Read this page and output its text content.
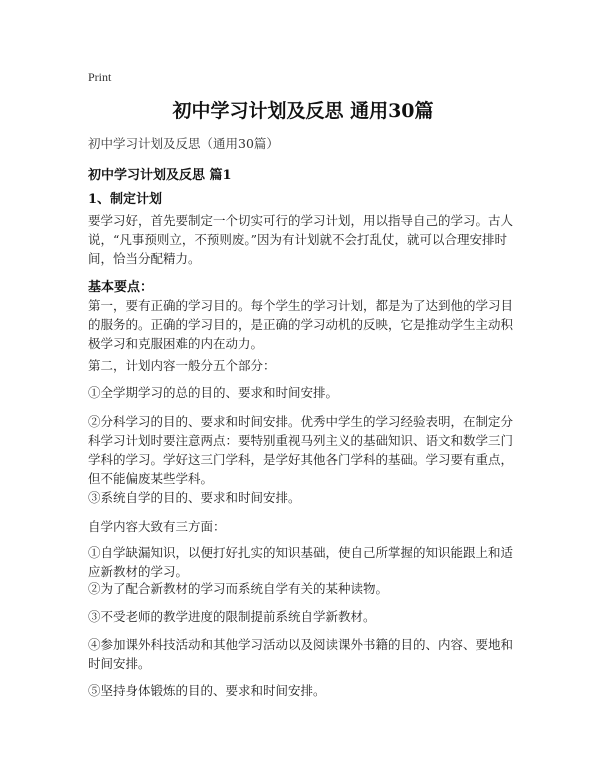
Print
初中学习计划及反思 通用30篇
初中学习计划及反思（通用30篇）
初中学习计划及反思 篇1
1、制定计划
要学习好，首先要制定一个切实可行的学习计划，用以指导自己的学习。古人说，“凡事预则立，不预则废。”因为有计划就不会打乱仗，就可以合理安排时间，恰当分配精力。
基本要点：
第一，要有正确的学习目的。每个学生的学习计划，都是为了达到他的学习目的服务的。正确的学习目的，是正确的学习动机的反映，它是推动学生主动积极学习和克服困难的内在动力。
第二，计划内容一般分五个部分：
①全学期学习的总的目的、要求和时间安排。
②分科学习的目的、要求和时间安排。优秀中学生的学习经验表明，在制定分科学习计划时要注意两点：要特别重视马列主义的基础知识、语文和数学三门学科的学习。学好这三门学科，是学好其他各门学科的基础。学习要有重点，但不能偏废某些学科。
③系统自学的目的、要求和时间安排。
自学内容大致有三方面：
①自学缺漏知识，以便打好扎实的知识基础，使自己所掌握的知识能跟上和适应新教材的学习。
②为了配合新教材的学习而系统自学有关的某种读物。
③不受老师的教学进度的限制提前系统自学新教材。
④参加课外科技活动和其他学习活动以及阅读课外书籍的目的、内容、要地和时间安排。
⑤坚持身体锻炼的目的、要求和时间安排。
